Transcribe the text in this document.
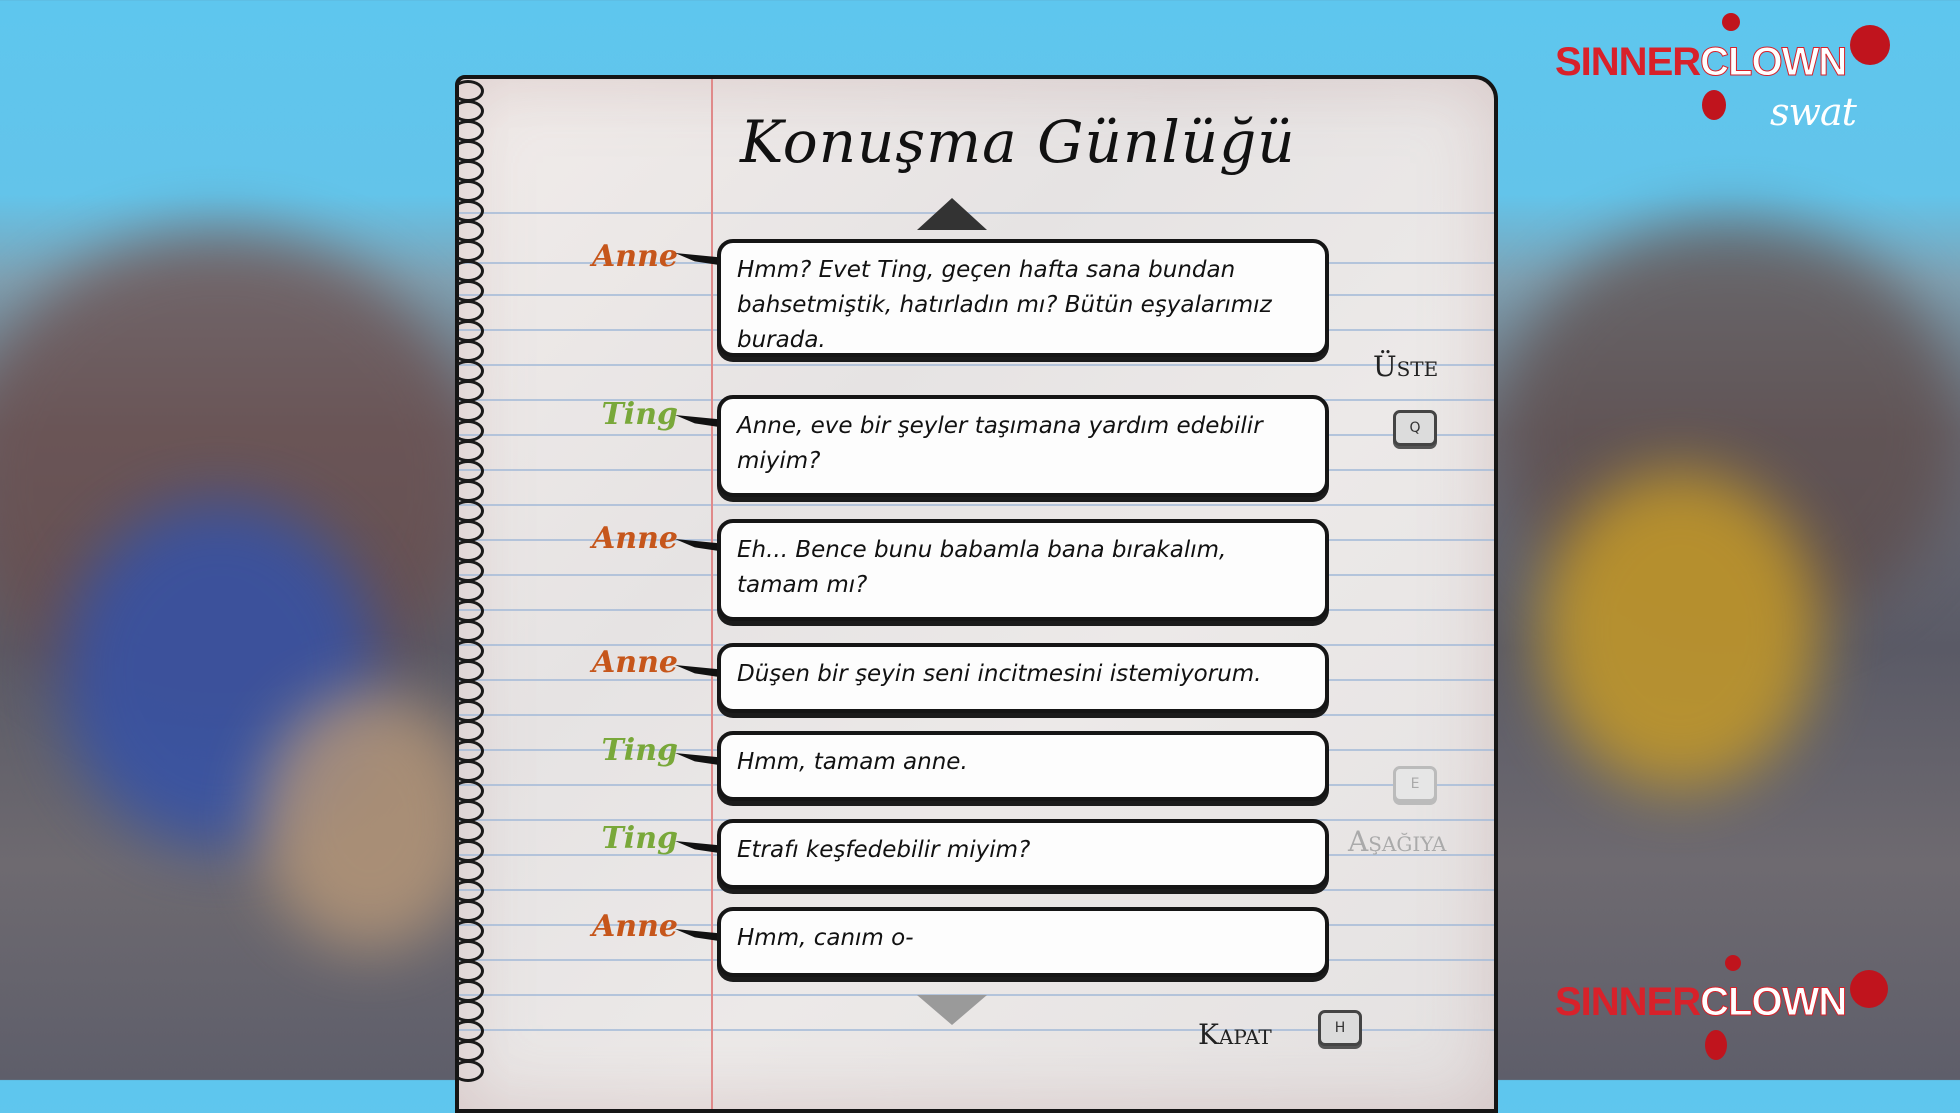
Konuşma Günlüğü
Anne	Hmm? Evet Ting, geçen hafta sana bundan bahsetmiştik, hatırladın mı? Bütün eşyalarımız burada.
Ting	Anne, eve bir şeyler taşımana yardım edebilir miyim?
Anne	Eh... Bence bunu babamla bana bırakalım, tamam mı?
Anne	Düşen bir şeyin seni incitmesini istemiyorum.
Ting	Hmm, tamam anne.
Ting	Etrafı keşfedebilir miyim?
Anne	Hmm, canım o-
Üste
Q
E
Aşağıya
Kapat	H
SINNERCLOWN
swat
SINNERCLOWN
